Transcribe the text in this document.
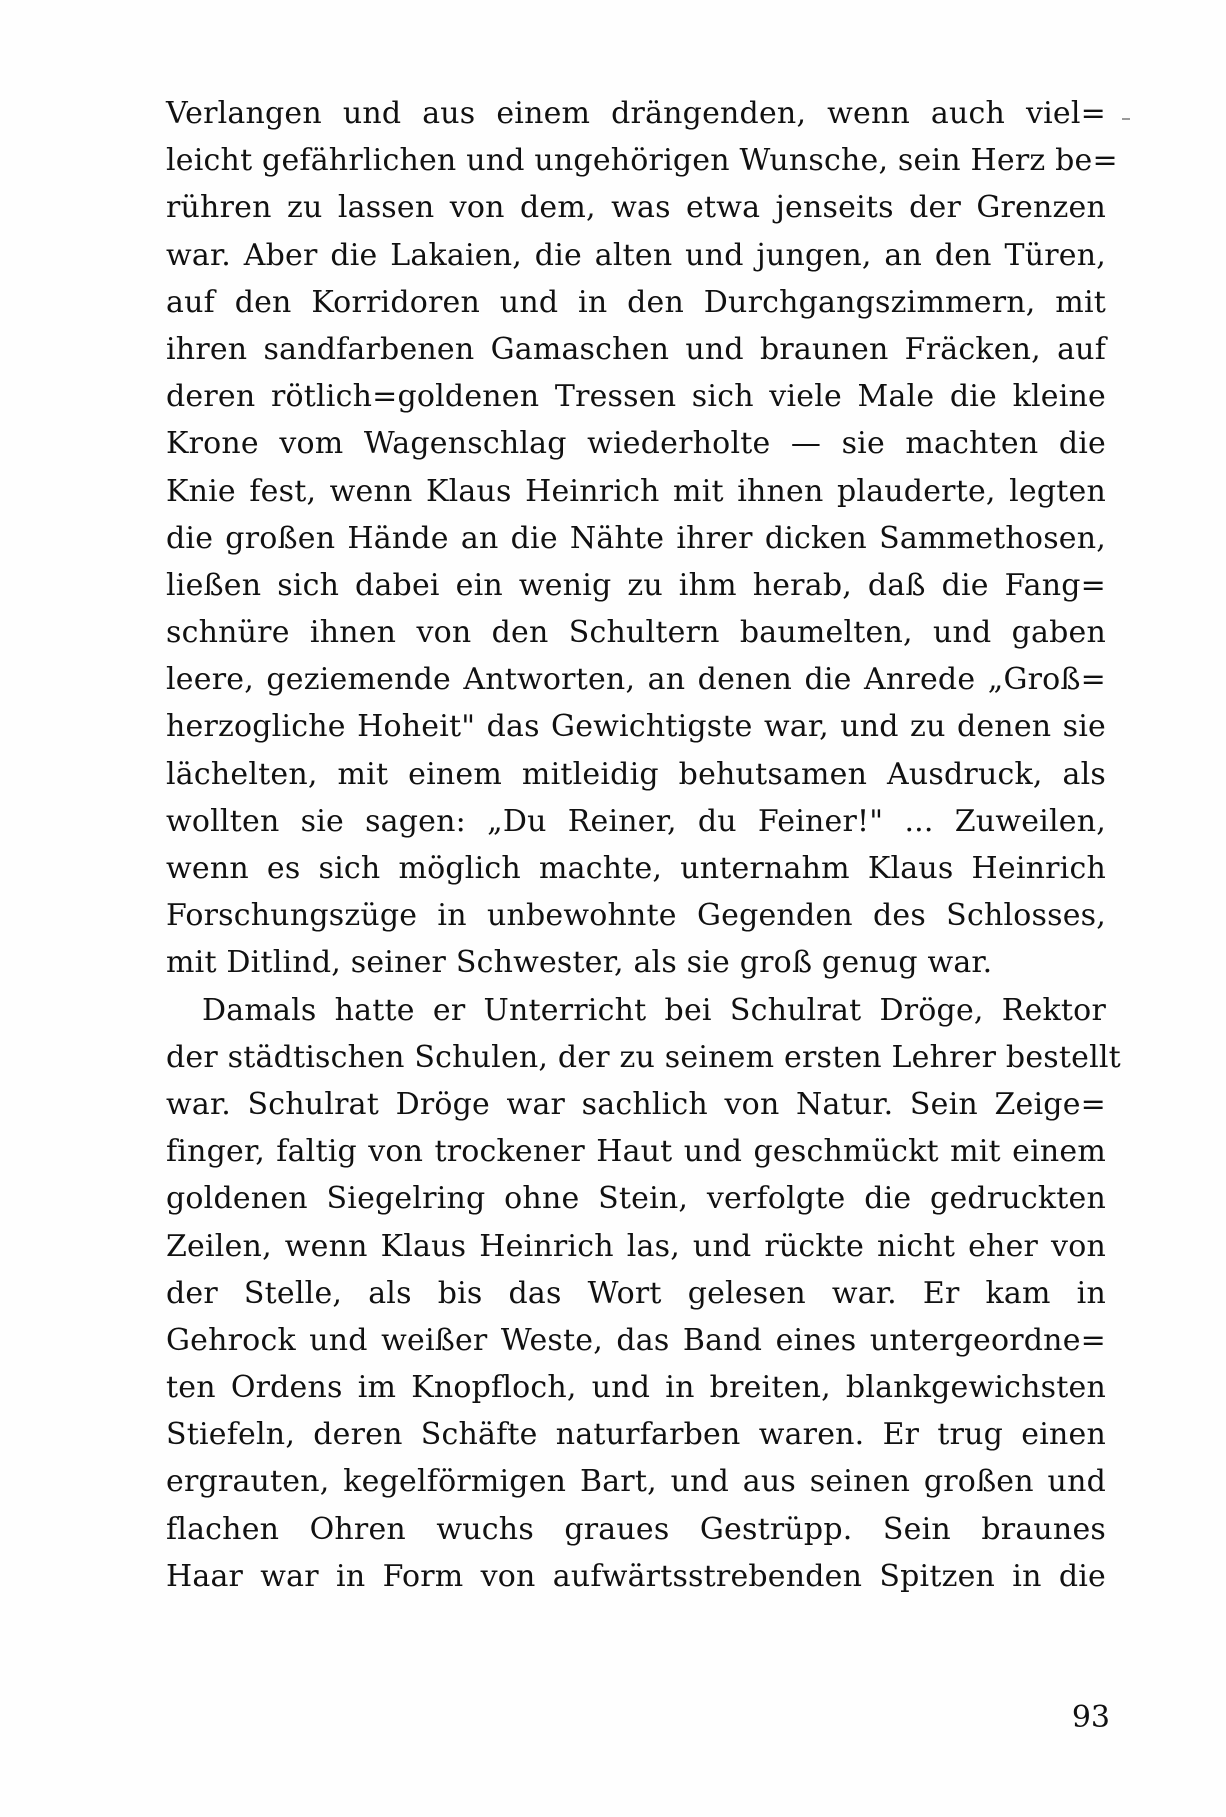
Verlangen und aus einem drängenden, wenn auch viel=
leicht gefährlichen und ungehörigen Wunsche, sein Herz be=
rühren zu lassen von dem, was etwa jenseits der Grenzen
war. Aber die Lakaien, die alten und jungen, an den Türen,
auf den Korridoren und in den Durchgangszimmern, mit
ihren sandfarbenen Gamaschen und braunen Fräcken, auf
deren rötlich=goldenen Tressen sich viele Male die kleine
Krone vom Wagenschlag wiederholte — sie machten die
Knie fest, wenn Klaus Heinrich mit ihnen plauderte, legten
die großen Hände an die Nähte ihrer dicken Sammethosen,
ließen sich dabei ein wenig zu ihm herab, daß die Fang=
schnüre ihnen von den Schultern baumelten, und gaben
leere, geziemende Antworten, an denen die Anrede „Groß=
herzogliche Hoheit" das Gewichtigste war, und zu denen sie
lächelten, mit einem mitleidig behutsamen Ausdruck, als
wollten sie sagen: „Du Reiner, du Feiner!" ... Zuweilen,
wenn es sich möglich machte, unternahm Klaus Heinrich
Forschungszüge in unbewohnte Gegenden des Schlosses,
mit Ditlind, seiner Schwester, als sie groß genug war.
Damals hatte er Unterricht bei Schulrat Dröge, Rektor
der städtischen Schulen, der zu seinem ersten Lehrer bestellt
war. Schulrat Dröge war sachlich von Natur. Sein Zeige=
finger, faltig von trockener Haut und geschmückt mit einem
goldenen Siegelring ohne Stein, verfolgte die gedruckten
Zeilen, wenn Klaus Heinrich las, und rückte nicht eher von
der Stelle, als bis das Wort gelesen war. Er kam in
Gehrock und weißer Weste, das Band eines untergeordne=
ten Ordens im Knopfloch, und in breiten, blankgewichsten
Stiefeln, deren Schäfte naturfarben waren. Er trug einen
ergrauten, kegelförmigen Bart, und aus seinen großen und
flachen Ohren wuchs graues Gestrüpp. Sein braunes
Haar war in Form von aufwärtsstrebenden Spitzen in die
93
